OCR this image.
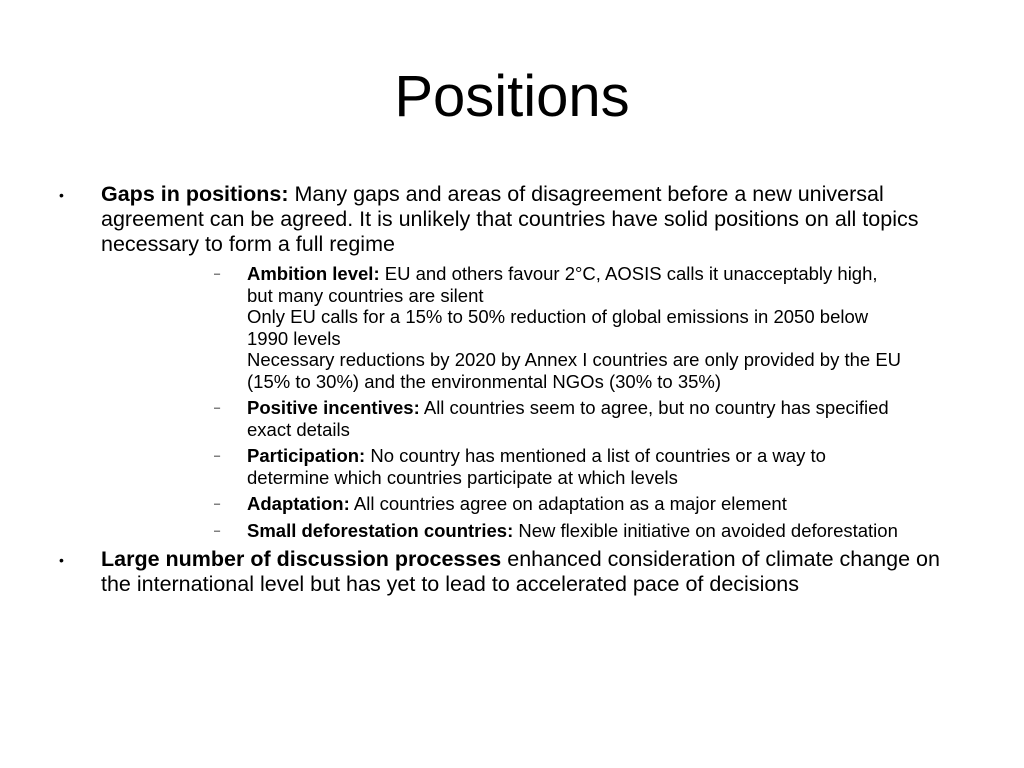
Positions
• Gaps in positions: Many gaps and areas of disagreement before a new universal agreement can be agreed. It is unlikely that countries have solid positions on all topics necessary to form a full regime
– Ambition level: EU and others favour 2°C, AOSIS calls it unacceptably high, but many countries are silent
Only EU calls for a 15% to 50% reduction of global emissions in 2050 below 1990 levels
Necessary reductions by 2020 by Annex I countries are only provided by the EU (15% to 30%) and the environmental NGOs (30% to 35%)
– Positive incentives: All countries seem to agree, but no country has specified exact details
– Participation: No country has mentioned a list of countries or a way to determine which countries participate at which levels
– Adaptation: All countries agree on adaptation as a major element
– Small deforestation countries: New flexible initiative on avoided deforestation
• Large number of discussion processes enhanced consideration of climate change on the international level but has yet to lead to accelerated pace of decisions
